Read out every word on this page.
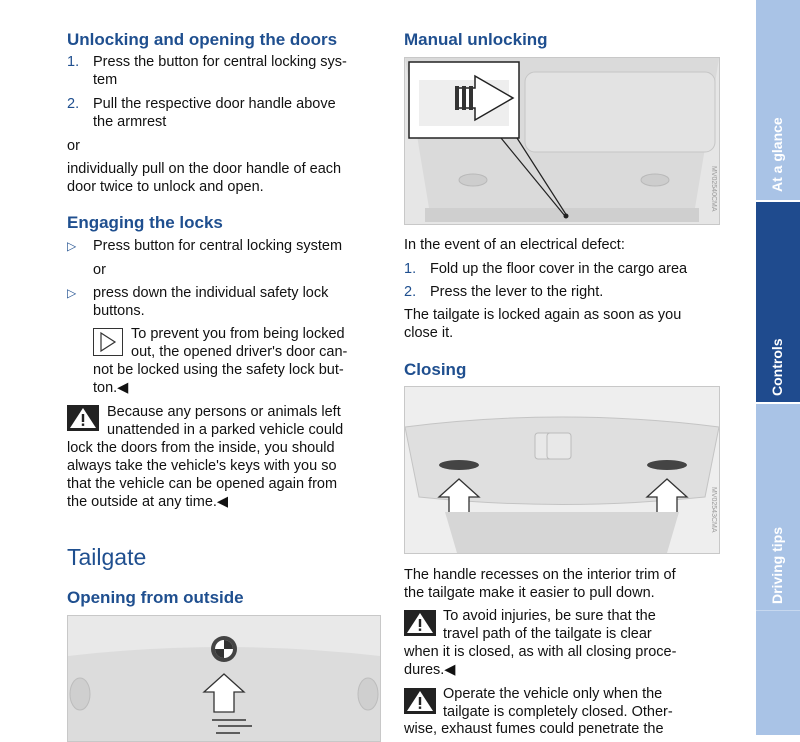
Unlocking and opening the doors
1. Press the button for central locking sys-

tem

2. Pull the respective door handle above

the armrest

or

individually pull on the door handle of each

door twice to unlock and open.

Engaging the locks
▷ Press button for central locking system

or

▷ press down the individual safety lock

buttons.

To prevent you from being locked

out, the opened driver's door can-

not be locked using the safety lock but-

ton.◀

Because any persons or animals left

unattended in a parked vehicle could

lock the doors from the inside, you should

always take the vehicle's keys with you so

that the vehicle can be opened again from

the outside at any time.◀

Tailgate
Opening from outside
Manual unlocking
MV02540CMA

In the event of an electrical defect:

1. Fold up the floor cover in the cargo area

2. Press the lever to the right.

The tailgate is locked again as soon as you

close it.

Closing
MV02543CMA

The handle recesses on the interior trim of

the tailgate make it easier to pull down.

To avoid injuries, be sure that the

travel path of the tailgate is clear

when it is closed, as with all closing proce-

dures.◀

Operate the vehicle only when the

tailgate is completely closed. Other-

wise, exhaust fumes could penetrate the

At a glance
Controls
Driving tips
